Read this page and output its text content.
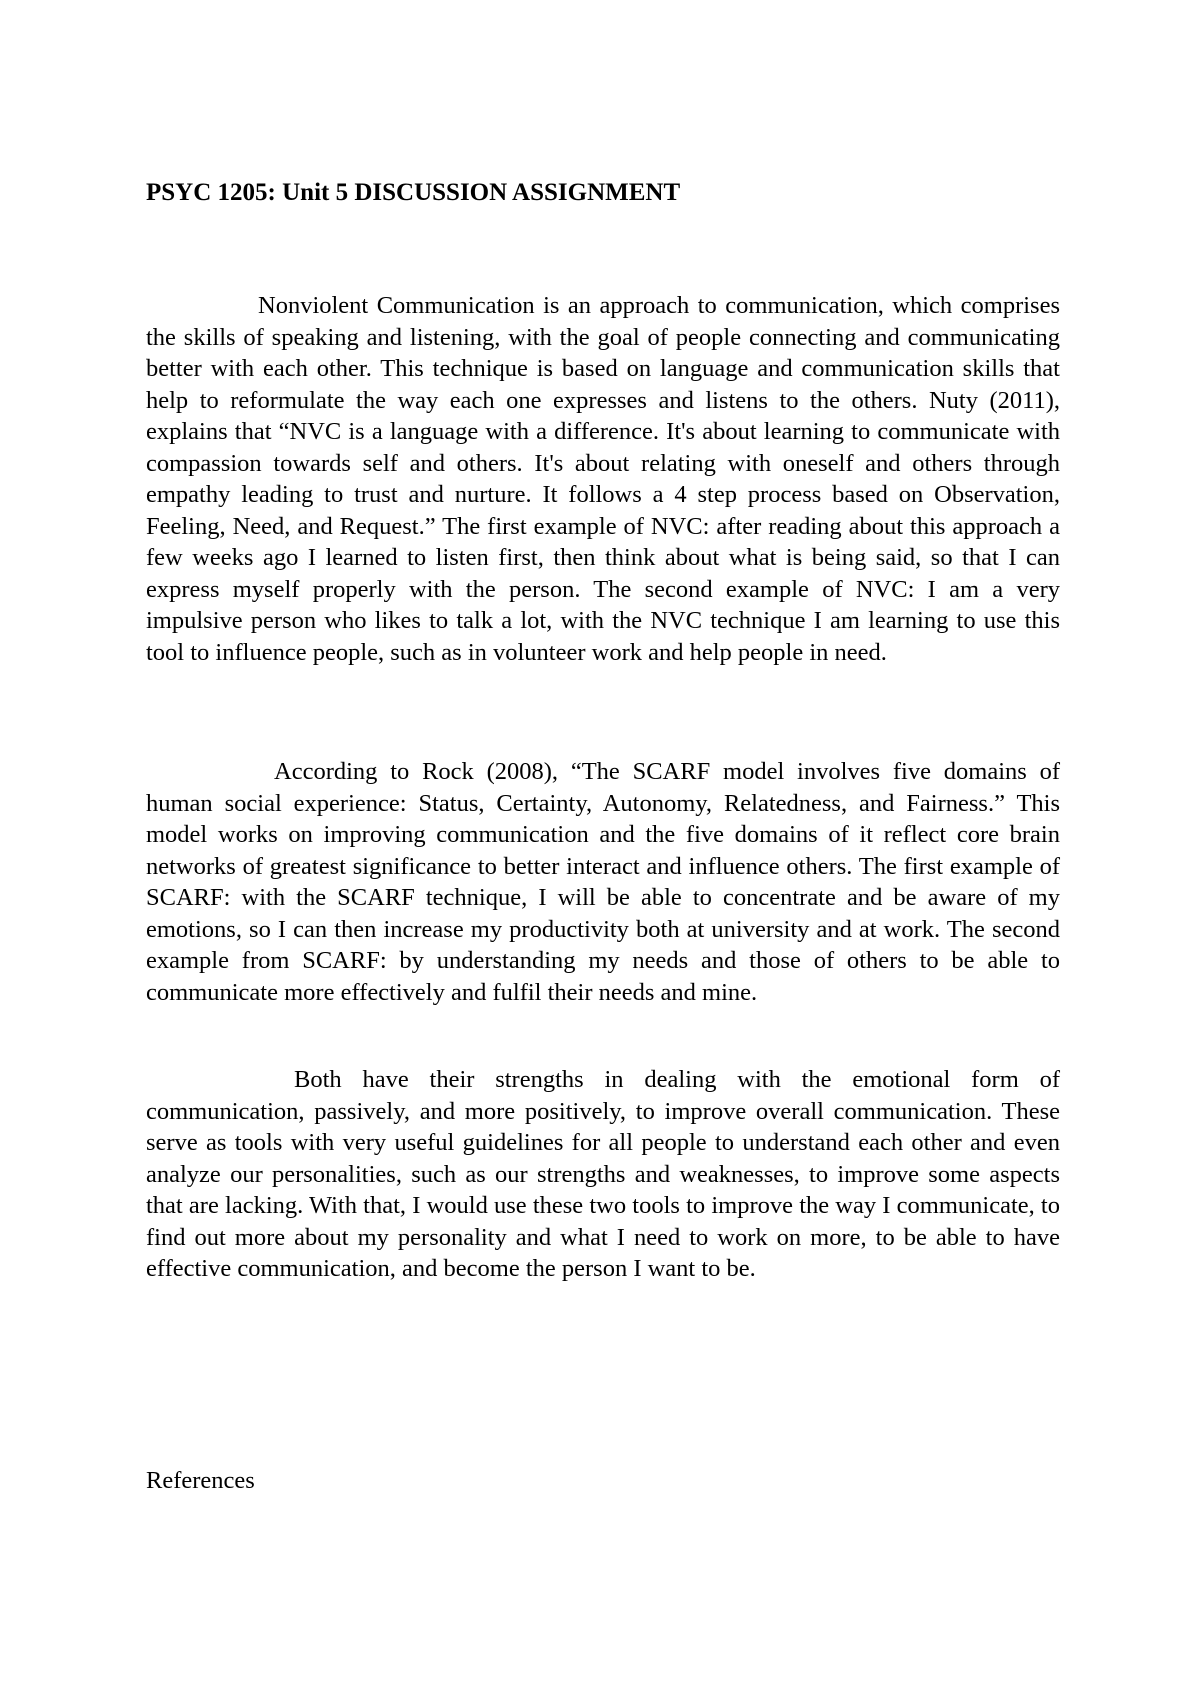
PSYC 1205: Unit 5 DISCUSSION ASSIGNMENT

Nonviolent Communication is an approach to communication, which comprises the skills of speaking and listening, with the goal of people connecting and communicating better with each other. This technique is based on language and communication skills that help to reformulate the way each one expresses and listens to the others. Nuty (2011), explains that “NVC is a language with a difference. It's about learning to communicate with compassion towards self and others. It's about relating with oneself and others through empathy leading to trust and nurture. It follows a 4 step process based on Observation, Feeling, Need, and Request.” The first example of NVC: after reading about this approach a few weeks ago I learned to listen first, then think about what is being said, so that I can express myself properly with the person. The second example of NVC: I am a very impulsive person who likes to talk a lot, with the NVC technique I am learning to use this tool to influence people, such as in volunteer work and help people in need.

According to Rock (2008), “The SCARF model involves five domains of human social experience: Status, Certainty, Autonomy, Relatedness, and Fairness.” This model works on improving communication and the five domains of it reflect core brain networks of greatest significance to better interact and influence others. The first example of SCARF: with the SCARF technique, I will be able to concentrate and be aware of my emotions, so I can then increase my productivity both at university and at work. The second example from SCARF: by understanding my needs and those of others to be able to communicate more effectively and fulfil their needs and mine.

Both have their strengths in dealing with the emotional form of communication, passively, and more positively, to improve overall communication. These serve as tools with very useful guidelines for all people to understand each other and even analyze our personalities, such as our strengths and weaknesses, to improve some aspects that are lacking. With that, I would use these two tools to improve the way I communicate, to find out more about my personality and what I need to work on more, to be able to have effective communication, and become the person I want to be.

References
